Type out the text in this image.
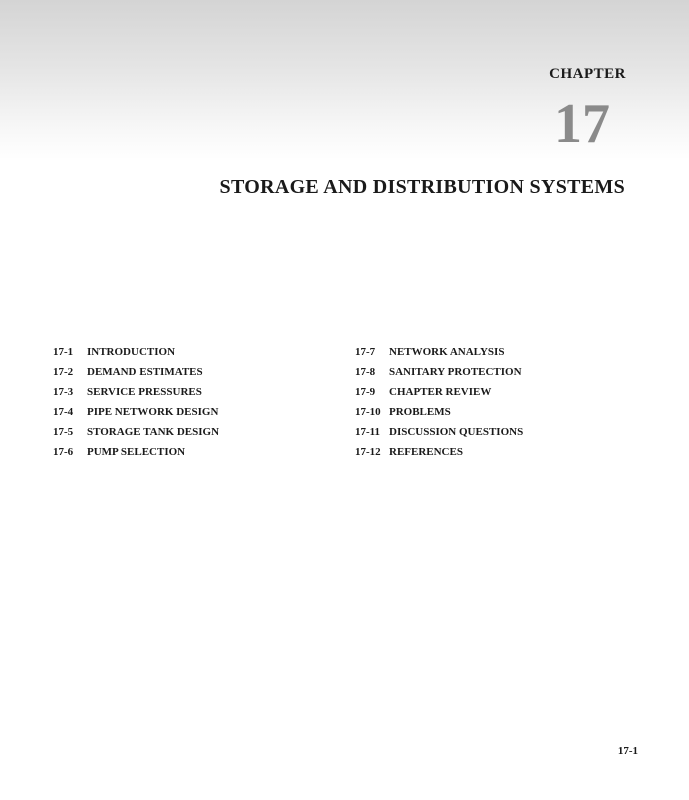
CHAPTER
17
STORAGE AND DISTRIBUTION SYSTEMS
17-1 INTRODUCTION
17-2 DEMAND ESTIMATES
17-3 SERVICE PRESSURES
17-4 PIPE NETWORK DESIGN
17-5 STORAGE TANK DESIGN
17-6 PUMP SELECTION
17-7 NETWORK ANALYSIS
17-8 SANITARY PROTECTION
17-9 CHAPTER REVIEW
17-10 PROBLEMS
17-11 DISCUSSION QUESTIONS
17-12 REFERENCES
17-1
